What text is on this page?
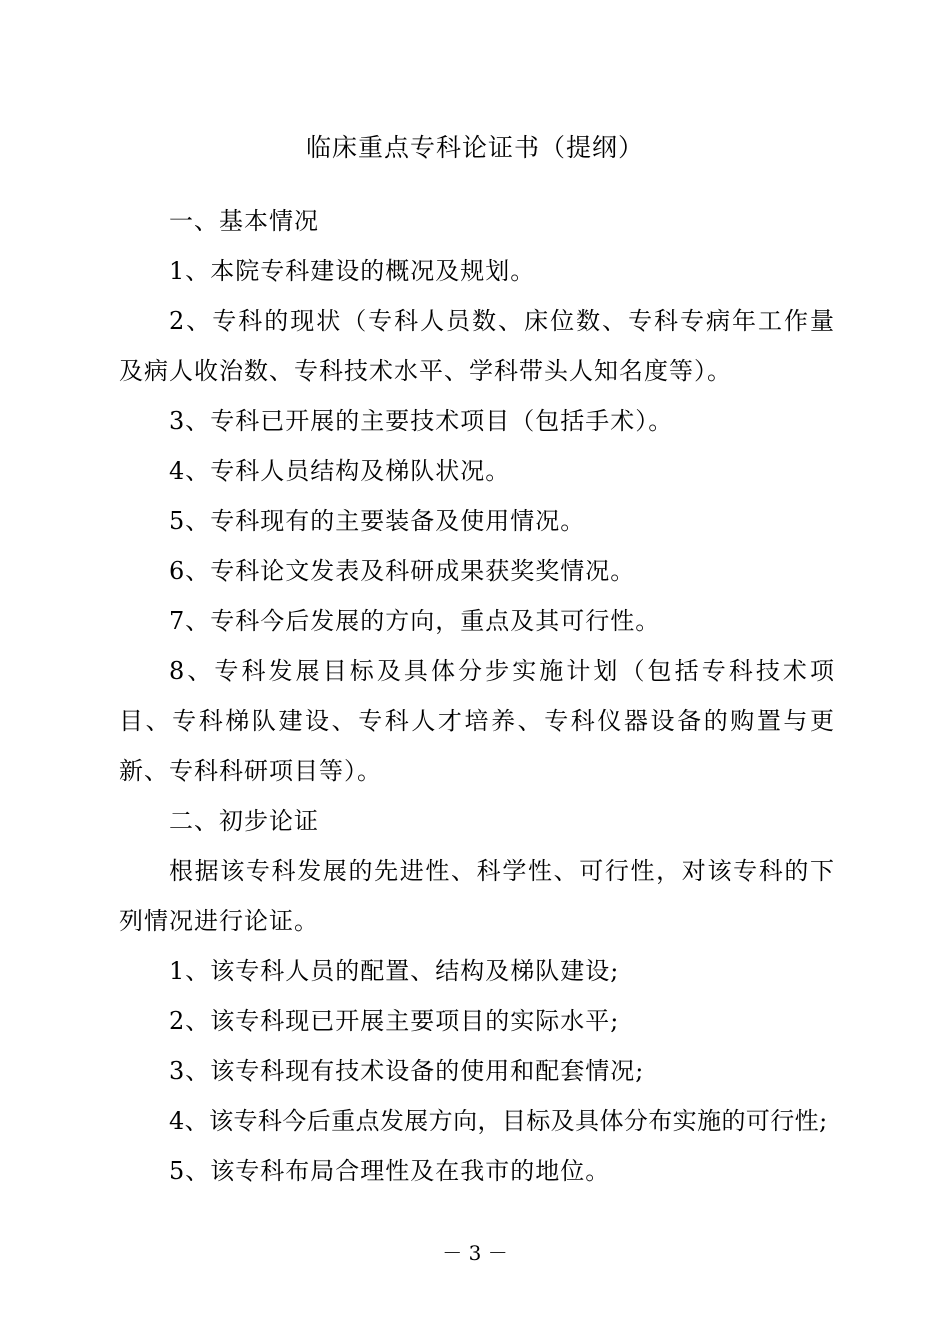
临床重点专科论证书（提纲）

一、基本情况

1、本院专科建设的概况及规划。

2、专科的现状（专科人员数、床位数、专科专病年工作量及病人收治数、专科技术水平、学科带头人知名度等）。

3、专科已开展的主要技术项目（包括手术）。

4、专科人员结构及梯队状况。

5、专科现有的主要装备及使用情况。

6、专科论文发表及科研成果获奖奖情况。

7、专科今后发展的方向，重点及其可行性。

8、专科发展目标及具体分步实施计划（包括专科技术项目、专科梯队建设、专科人才培养、专科仪器设备的购置与更新、专科科研项目等）。

二、初步论证

根据该专科发展的先进性、科学性、可行性，对该专科的下列情况进行论证。

1、该专科人员的配置、结构及梯队建设;

2、该专科现已开展主要项目的实际水平;

3、该专科现有技术设备的使用和配套情况;

4、该专科今后重点发展方向，目标及具体分布实施的可行性;

5、该专科布局合理性及在我市的地位。

－ 3 －
